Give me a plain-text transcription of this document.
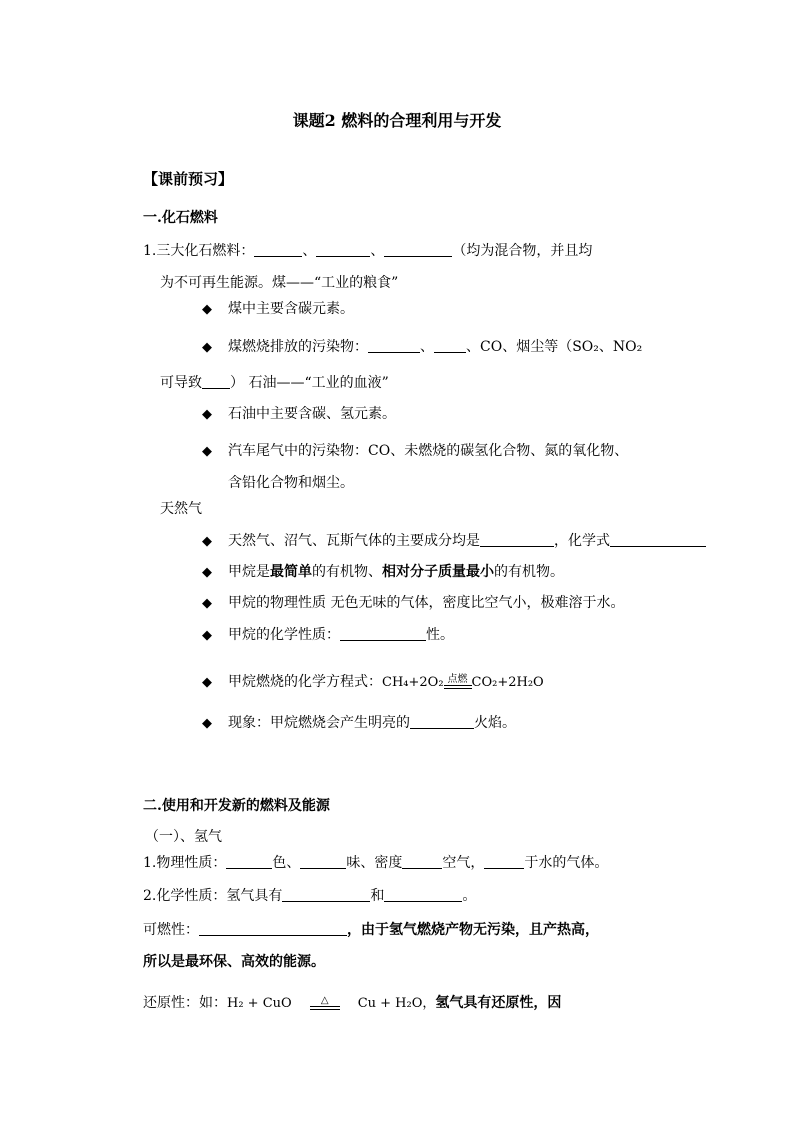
课题2 燃料的合理利用与开发
【课前预习】
一.化石燃料
1.三大化石燃料：	、	、	（均为混合物，并且均
为不可再生能源。煤——“工业的粮食”
◆ 煤中主要含碳元素。
◆ 煤燃烧排放的污染物：	、 、CO、烟尘等（SO₂、NO₂
可导致 ） 石油——“工业的血液”
◆ 石油中主要含碳、氢元素。
◆ 汽车尾气中的污染物：CO、未燃烧的碳氢化合物、氮的氧化物、
含铅化合物和烟尘。
天然气
◆ 天然气、沼气、瓦斯气体的主要成分均是	，化学式
◆ 甲烷是最简单的有机物、相对分子质量最小的有机物。
◆ 甲烷的物理性质 无色无味的气体，密度比空气小，极难溶于水。
◆ 甲烷的化学性质：	性。
◆ 甲烷燃烧的化学方程式：CH₄+2O₂ 点燃 CO₂+2H₂O
◆ 现象：甲烷燃烧会产生明亮的	火焰。
二.使用和开发新的燃料及能源
（一）、氢气
1.物理性质：	色、	味、密度	空气，	于水的气体。
2.化学性质：氢气具有	和	。
可燃性：	，由于氢气燃烧产物无污染，且产热高，
所以是最环保、高效的能源。
还原性：如：H₂ + CuO	△	Cu + H₂O，氢气具有还原性，因
